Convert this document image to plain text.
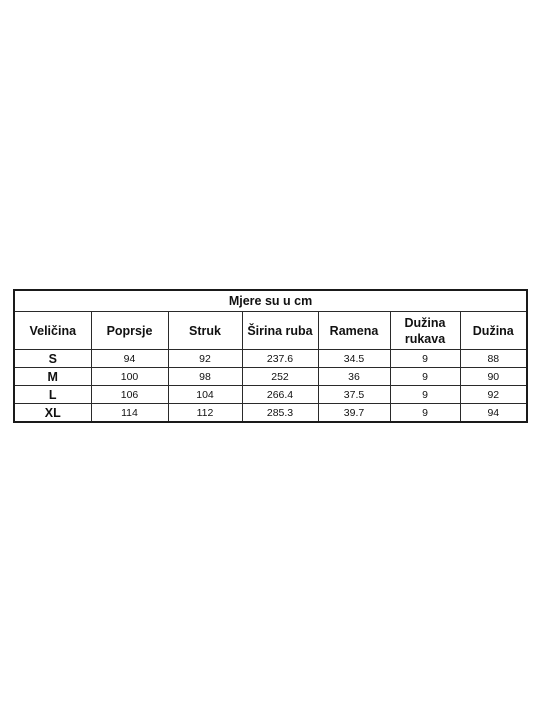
Mjere su u cm						
Veličina	Poprsje	Struk	Širina ruba	Ramena	Dužina rukava	Dužina
S	94	92	237.6	34.5	9	88
M	100	98	252	36	9	90
L	106	104	266.4	37.5	9	92
XL	114	112	285.3	39.7	9	94
